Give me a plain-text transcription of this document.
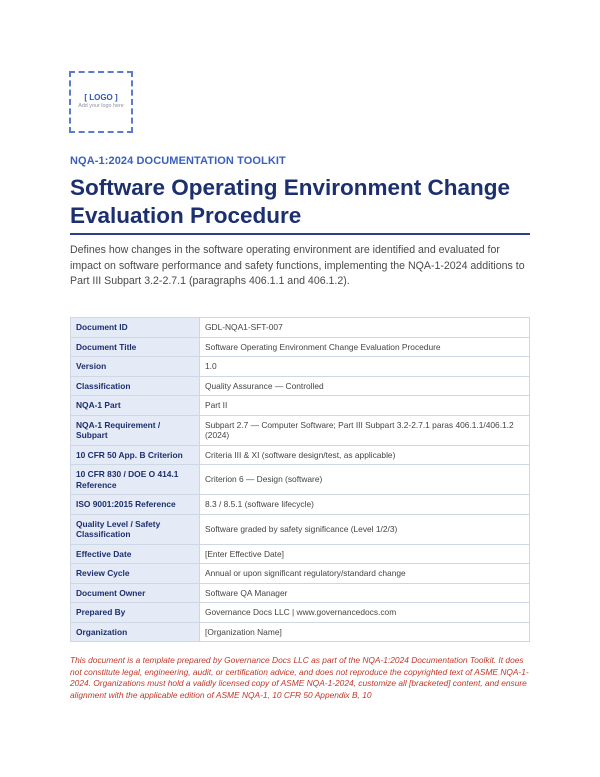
[ LOGO ]
Add your logo here
NQA-1:2024 DOCUMENTATION TOOLKIT
Software Operating Environment Change Evaluation Procedure

Defines how changes in the software operating environment are identified and evaluated for impact on software performance and safety functions, implementing the NQA-1-2024 additions to Part III Subpart 3.2-2.7.1 (paragraphs 406.1.1 and 406.1.2).

Document ID	GDL-NQA1-SFT-007
Document Title	Software Operating Environment Change Evaluation Procedure
Version	1.0
Classification	Quality Assurance — Controlled
NQA-1 Part	Part II
NQA-1 Requirement / Subpart	Subpart 2.7 — Computer Software; Part III Subpart 3.2-2.7.1 paras 406.1.1/406.1.2 (2024)
10 CFR 50 App. B Criterion	Criteria III & XI (software design/test, as applicable)
10 CFR 830 / DOE O 414.1 Reference	Criterion 6 — Design (software)
ISO 9001:2015 Reference	8.3 / 8.5.1 (software lifecycle)
Quality Level / Safety Classification	Software graded by safety significance (Level 1/2/3)
Effective Date	[Enter Effective Date]
Review Cycle	Annual or upon significant regulatory/standard change
Document Owner	Software QA Manager
Prepared By	Governance Docs LLC | www.governancedocs.com
Organization	[Organization Name]

This document is a template prepared by Governance Docs LLC as part of the NQA-1:2024 Documentation Toolkit. It does not constitute legal, engineering, audit, or certification advice, and does not reproduce the copyrighted text of ASME NQA-1-2024. Organizations must hold a validly licensed copy of ASME NQA-1-2024, customize all [bracketed] content, and ensure alignment with the applicable edition of ASME NQA-1, 10 CFR 50 Appendix B, 10
